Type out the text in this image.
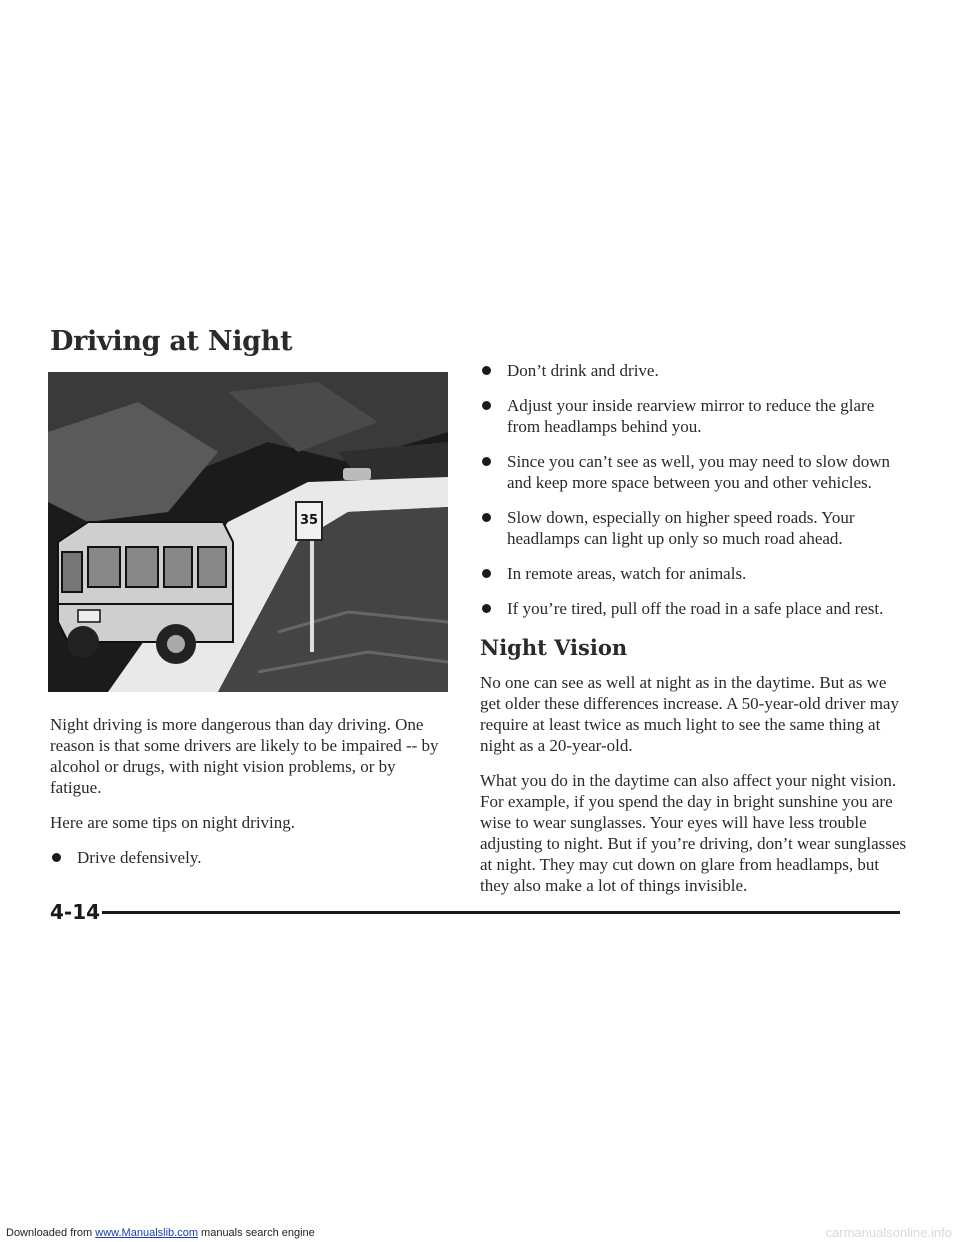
Driving at Night
35

Night driving is more dangerous than day driving. One reason is that some drivers are likely to be impaired -- by alcohol or drugs, with night vision problems, or by fatigue.

Here are some tips on night driving.

Drive defensively.
Don’t drink and drive.
Adjust your inside rearview mirror to reduce the glare from headlamps behind you.
Since you can’t see as well, you may need to slow down and keep more space between you and other vehicles.
Slow down, especially on higher speed roads. Your headlamps can light up only so much road ahead.
In remote areas, watch for animals.
If you’re tired, pull off the road in a safe place and rest.
Night Vision

No one can see as well at night as in the daytime. But as we get older these differences increase. A 50-year-old driver may require at least twice as much light to see the same thing at night as a 20-year-old.

What you do in the daytime can also affect your night vision. For example, if you spend the day in bright sunshine you are wise to wear sunglasses. Your eyes will have less trouble adjusting to night. But if you’re driving, don’t wear sunglasses at night. They may cut down on glare from headlamps, but they also make a lot of things invisible.

4-14
Downloaded from www.Manualslib.com manuals search engine	carmanualsonline.info
